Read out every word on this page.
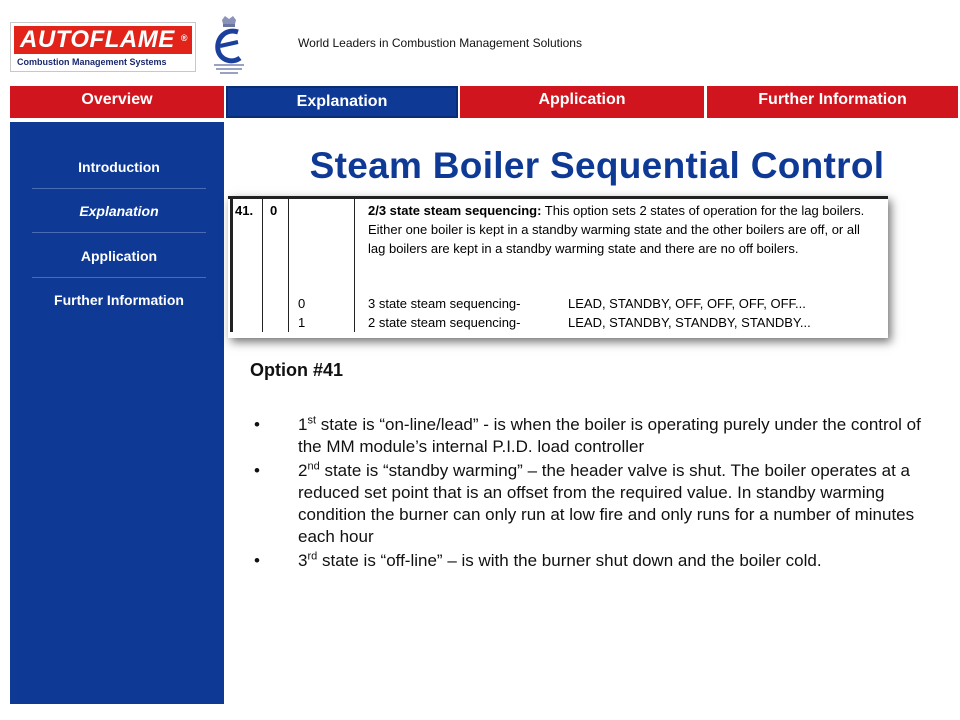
AUTOFLAME ®
Combustion Management Systems
World Leaders in Combustion Management Solutions
Overview	Explanation	Application	Further Information
Introduction
Explanation
Application
Further Information
Steam Boiler Sequential Control
41. 0	2/3 state steam sequencing: This option sets 2 states of operation for the lag boilers. Either one boiler is kept in a standby warming state and the other boilers are off, or all lag boilers are kept in a standby warming state and there are no off boilers.
0	3 state steam sequencing-	LEAD, STANDBY, OFF, OFF, OFF, OFF...
1	2 state steam sequencing-	LEAD, STANDBY, STANDBY, STANDBY...
Option #41
• 1st state is “on-line/lead” - is when the boiler is operating purely under the control of the MM module’s internal P.I.D. load controller
• 2nd state is “standby warming” – the header valve is shut. The boiler operates at a reduced set point that is an offset from the required value. In standby warming condition the burner can only run at low fire and only runs for a number of minutes each hour
• 3rd state is “off-line” – is with the burner shut down and the boiler cold.
